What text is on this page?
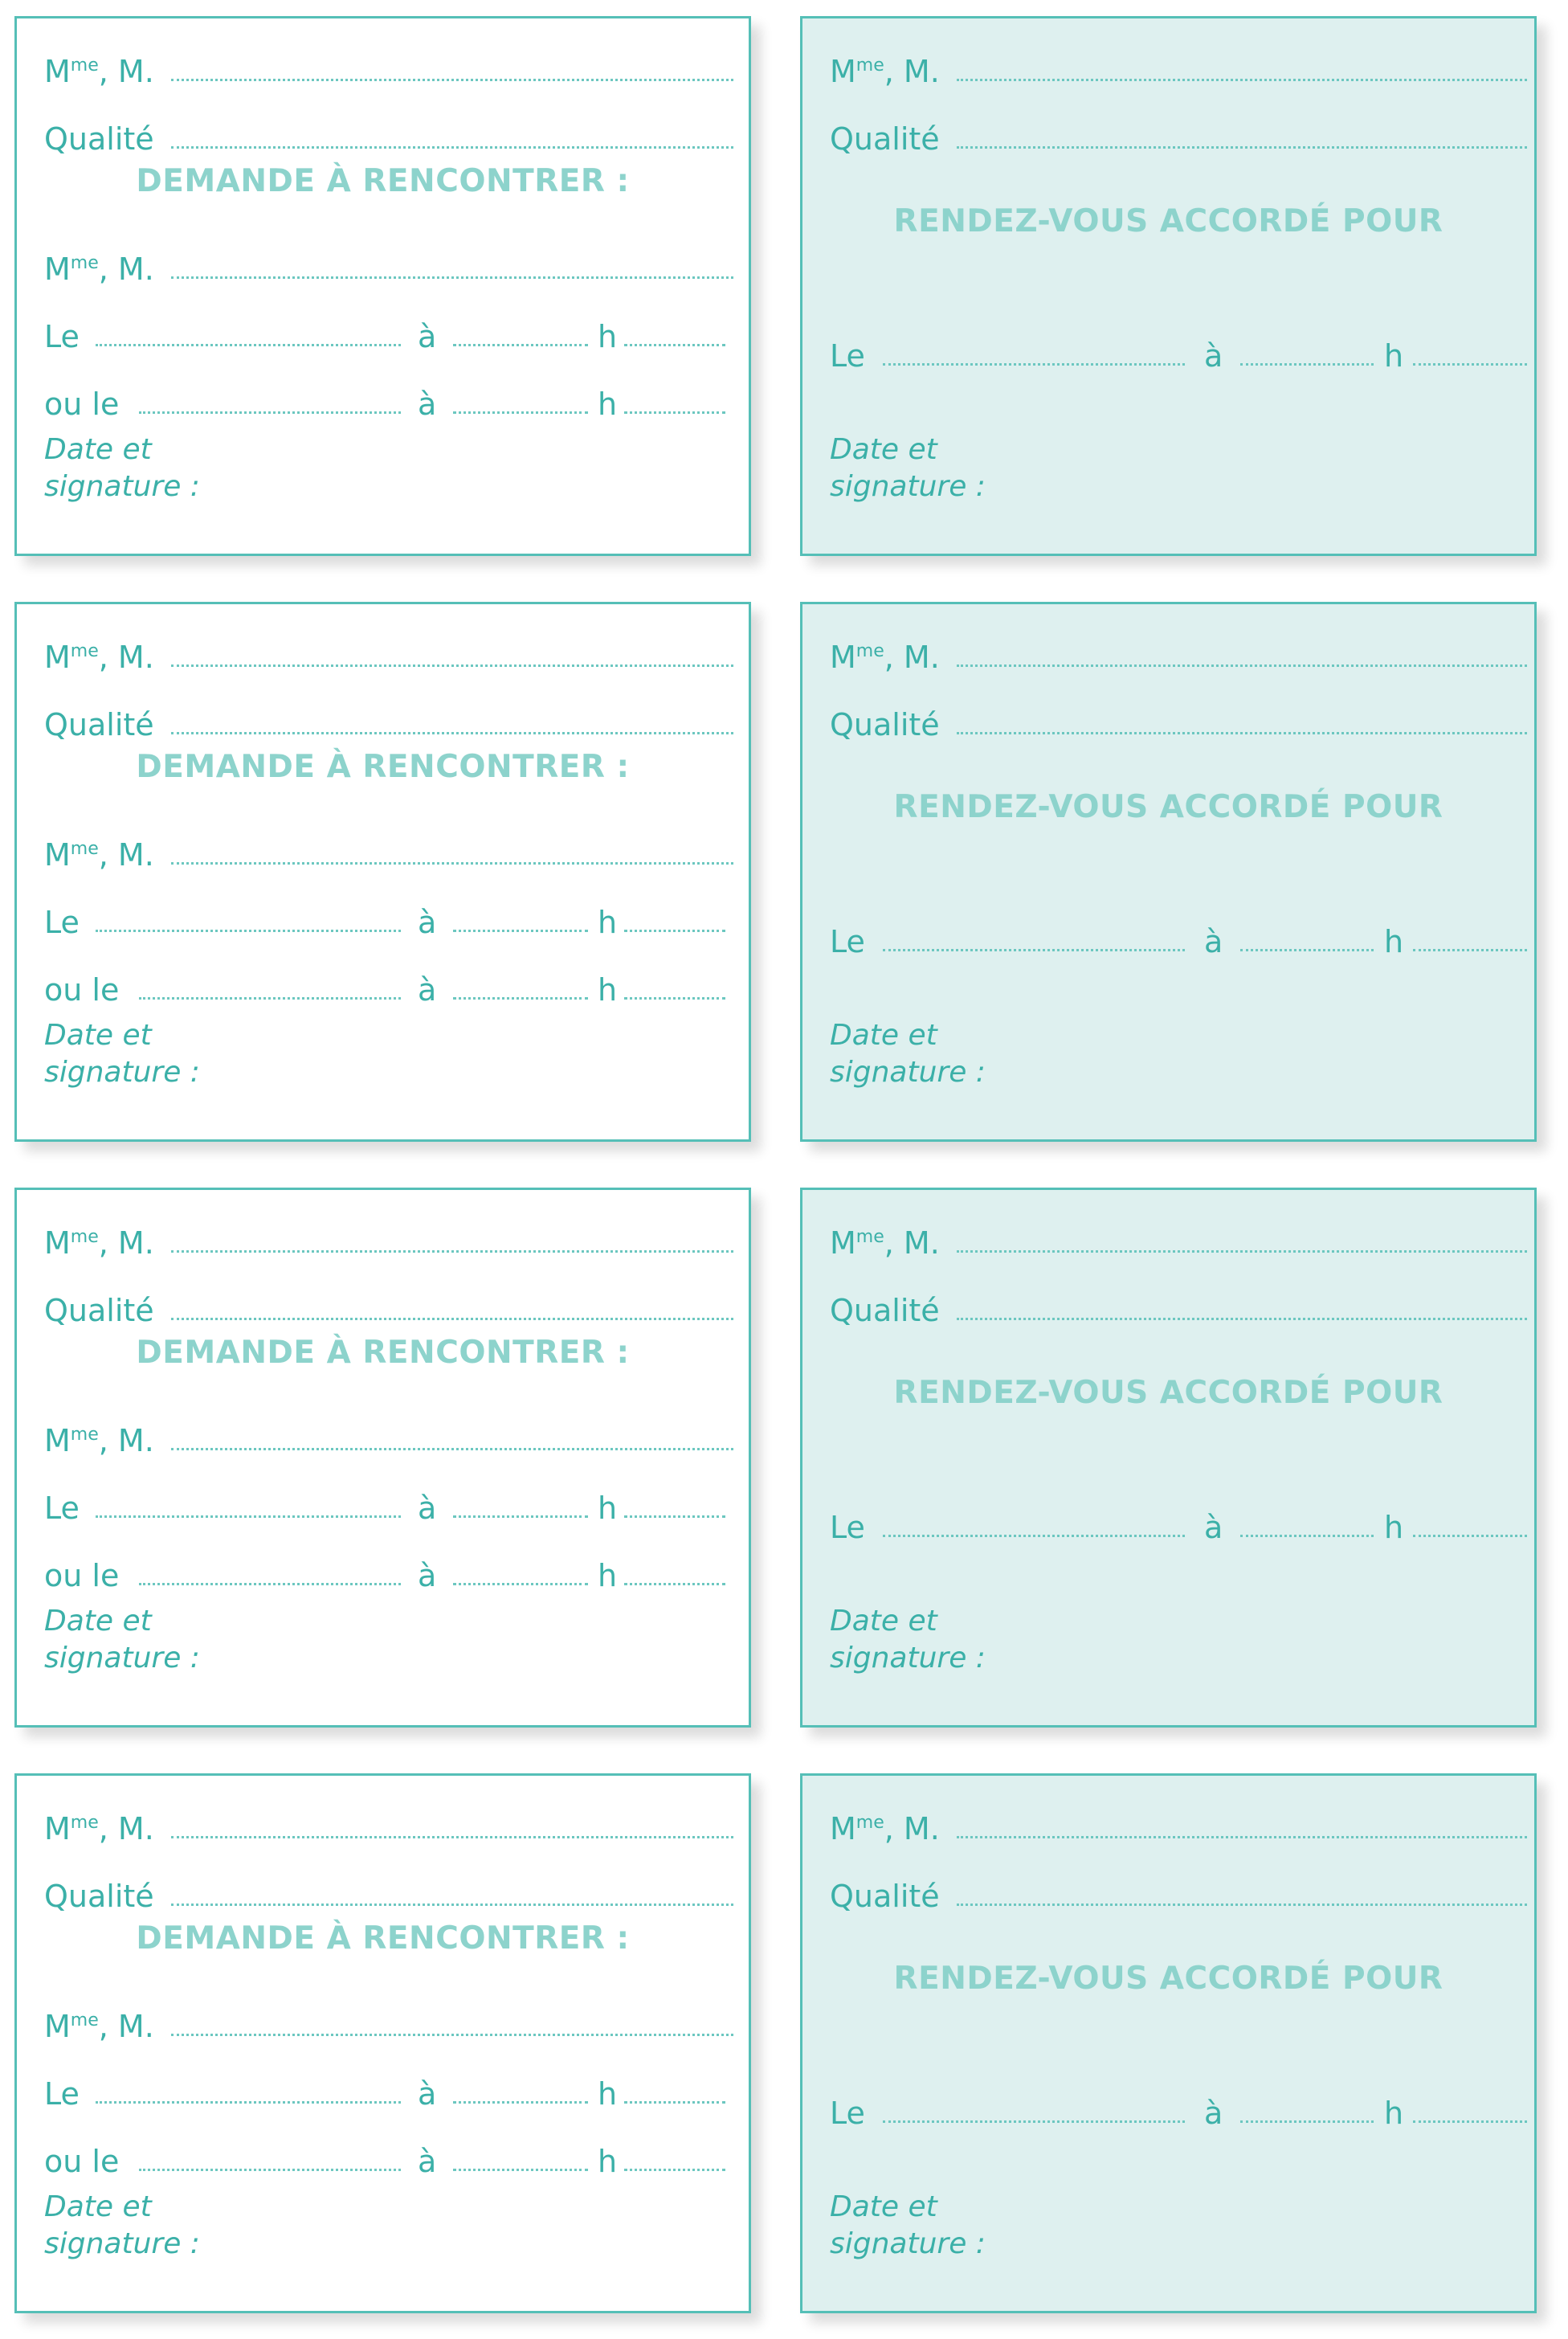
$M^{me}$, M.
Qualité
DEMANDE À RENCONTRER :
$M^{me}$, M.
Le	à	h
ou le	à	h
Date et
signature :
$M^{me}$, M.
Qualité
RENDEZ-VOUS ACCORDÉ POUR
Le	à	h
Date et
signature :
$M^{me}$, M.
Qualité
DEMANDE À RENCONTRER :
$M^{me}$, M.
Le	à	h
ou le	à	h
Date et
signature :
$M^{me}$, M.
Qualité
RENDEZ-VOUS ACCORDÉ POUR
Le	à	h
Date et
signature :
$M^{me}$, M.
Qualité
DEMANDE À RENCONTRER :
$M^{me}$, M.
Le	à	h
ou le	à	h
Date et
signature :
$M^{me}$, M.
Qualité
RENDEZ-VOUS ACCORDÉ POUR
Le	à	h
Date et
signature :
$M^{me}$, M.
Qualité
DEMANDE À RENCONTRER :
$M^{me}$, M.
Le	à	h
ou le	à	h
Date et
signature :
$M^{me}$, M.
Qualité
RENDEZ-VOUS ACCORDÉ POUR
Le	à	h
Date et
signature :
